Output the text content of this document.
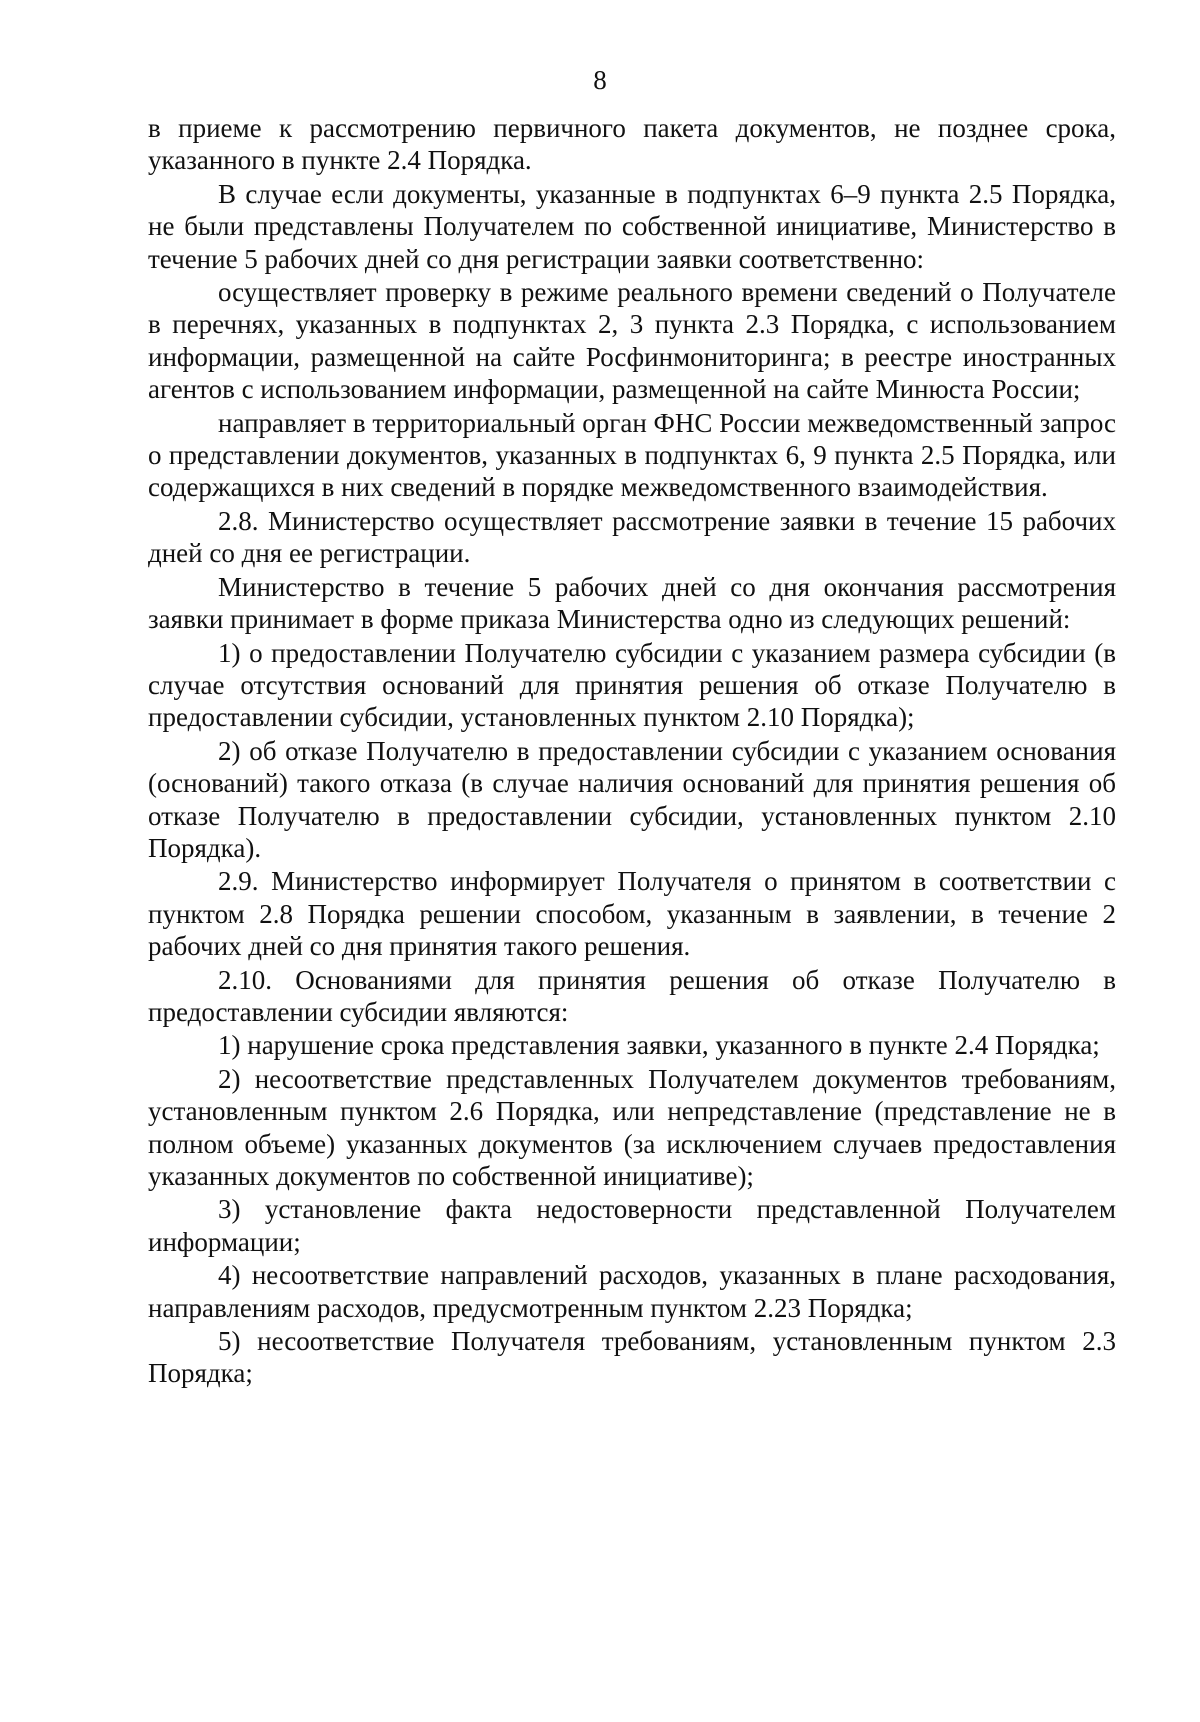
8

в приеме к рассмотрению первичного пакета документов, не позднее срока, указанного в пункте 2.4 Порядка.

В случае если документы, указанные в подпунктах 6–9 пункта 2.5 Порядка, не были представлены Получателем по собственной инициативе, Министерство в течение 5 рабочих дней со дня регистрации заявки соответственно:

осуществляет проверку в режиме реального времени сведений о Получателе в перечнях, указанных в подпунктах 2, 3 пункта 2.3 Порядка, с использованием информации, размещенной на сайте Росфинмониторинга; в реестре иностранных агентов с использованием информации, размещенной на сайте Минюста России;

направляет в территориальный орган ФНС России межведомственный запрос о представлении документов, указанных в подпунктах 6, 9 пункта 2.5 Порядка, или содержащихся в них сведений в порядке межведомственного взаимодействия.

2.8. Министерство осуществляет рассмотрение заявки в течение 15 рабочих дней со дня ее регистрации.

Министерство в течение 5 рабочих дней со дня окончания рассмотрения заявки принимает в форме приказа Министерства одно из следующих решений:

1) о предоставлении Получателю субсидии с указанием размера субсидии (в случае отсутствия оснований для принятия решения об отказе Получателю в предоставлении субсидии, установленных пунктом 2.10 Порядка);

2) об отказе Получателю в предоставлении субсидии с указанием основания (оснований) такого отказа (в случае наличия оснований для принятия решения об отказе Получателю в предоставлении субсидии, установленных пунктом 2.10 Порядка).

2.9. Министерство информирует Получателя о принятом в соответствии с пунктом 2.8 Порядка решении способом, указанным в заявлении, в течение 2 рабочих дней со дня принятия такого решения.

2.10. Основаниями для принятия решения об отказе Получателю в предоставлении субсидии являются:

1) нарушение срока представления заявки, указанного в пункте 2.4 Порядка;

2) несоответствие представленных Получателем документов требованиям, установленным пунктом 2.6 Порядка, или непредставление (представление не в полном объеме) указанных документов (за исключением случаев предоставления указанных документов по собственной инициативе);

3) установление факта недостоверности представленной Получателем информации;

4) несоответствие направлений расходов, указанных в плане расходования, направлениям расходов, предусмотренным пунктом 2.23 Порядка;

5) несоответствие Получателя требованиям, установленным пунктом 2.3 Порядка;
